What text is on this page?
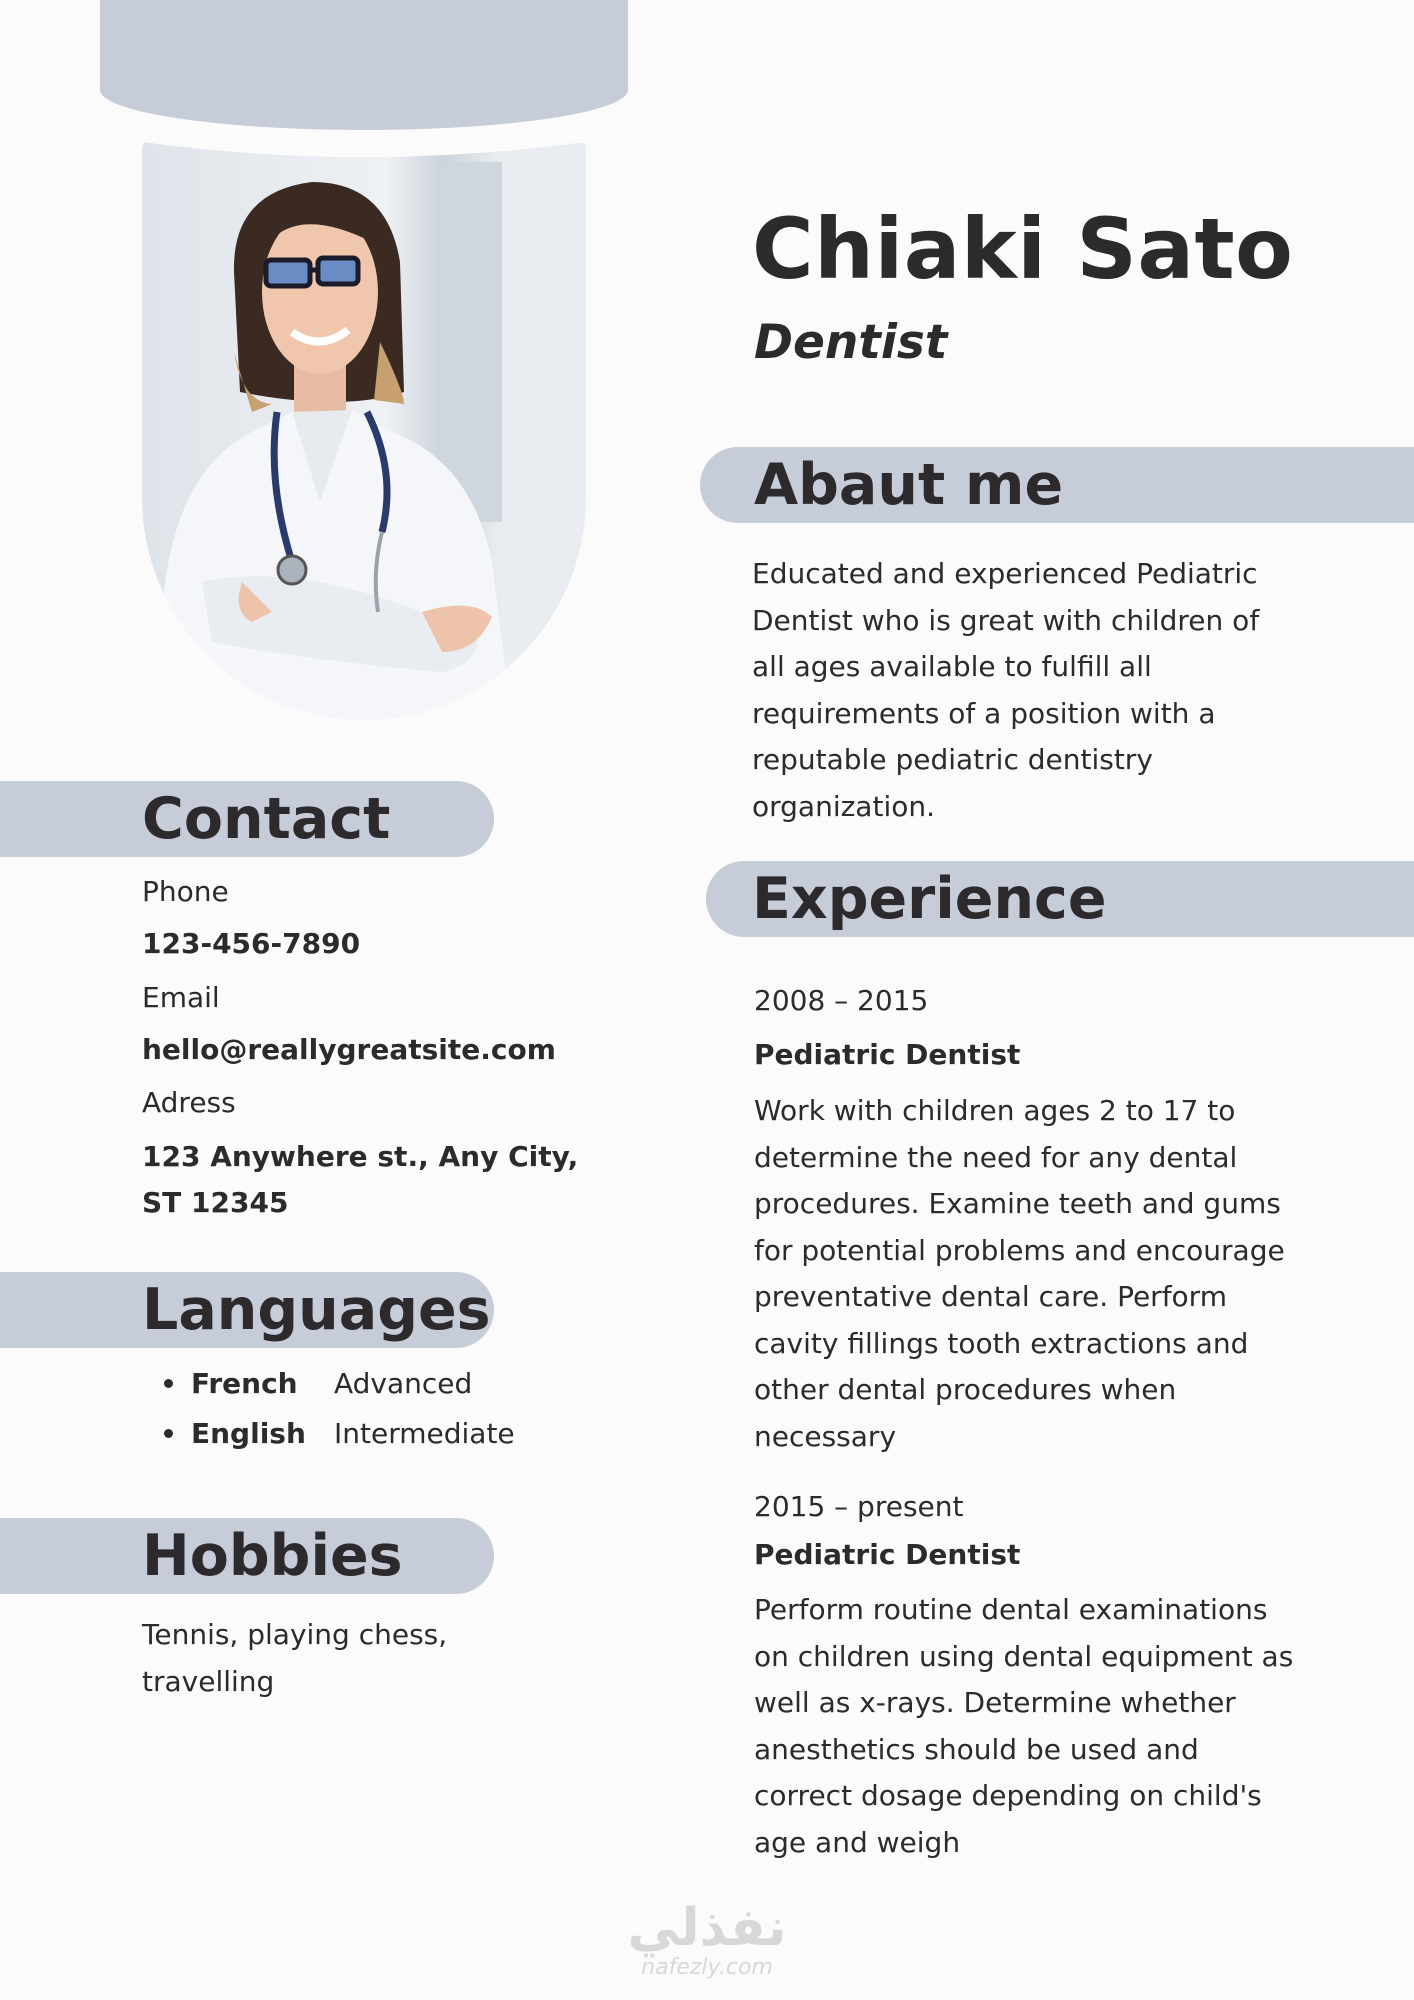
Chiaki Sato
Dentist
Abaut me
Educated and experienced Pediatric
Dentist who is great with children of
all ages available to fulfill all
requirements of a position with a
reputable pediatric dentistry
organization.
Experience
2008 – 2015
Pediatric Dentist
Work with children ages 2 to 17 to
determine the need for any dental
procedures. Examine teeth and gums
for potential problems and encourage
preventative dental care. Perform
cavity fillings tooth extractions and
other dental procedures when
necessary
2015 – present
Pediatric Dentist
Perform routine dental examinations
on children using dental equipment as
well as x-rays. Determine whether
anesthetics should be used and
correct dosage depending on child's
age and weigh
Contact
Phone
123-456-7890
Email
hello@reallygreatsite.com
Adress
123 Anywhere st., Any City,
ST 12345
Languages
French	Advanced
English	Intermediate
Hobbies
Tennis, playing chess,
travelling
نفذلي
nafezly.com
